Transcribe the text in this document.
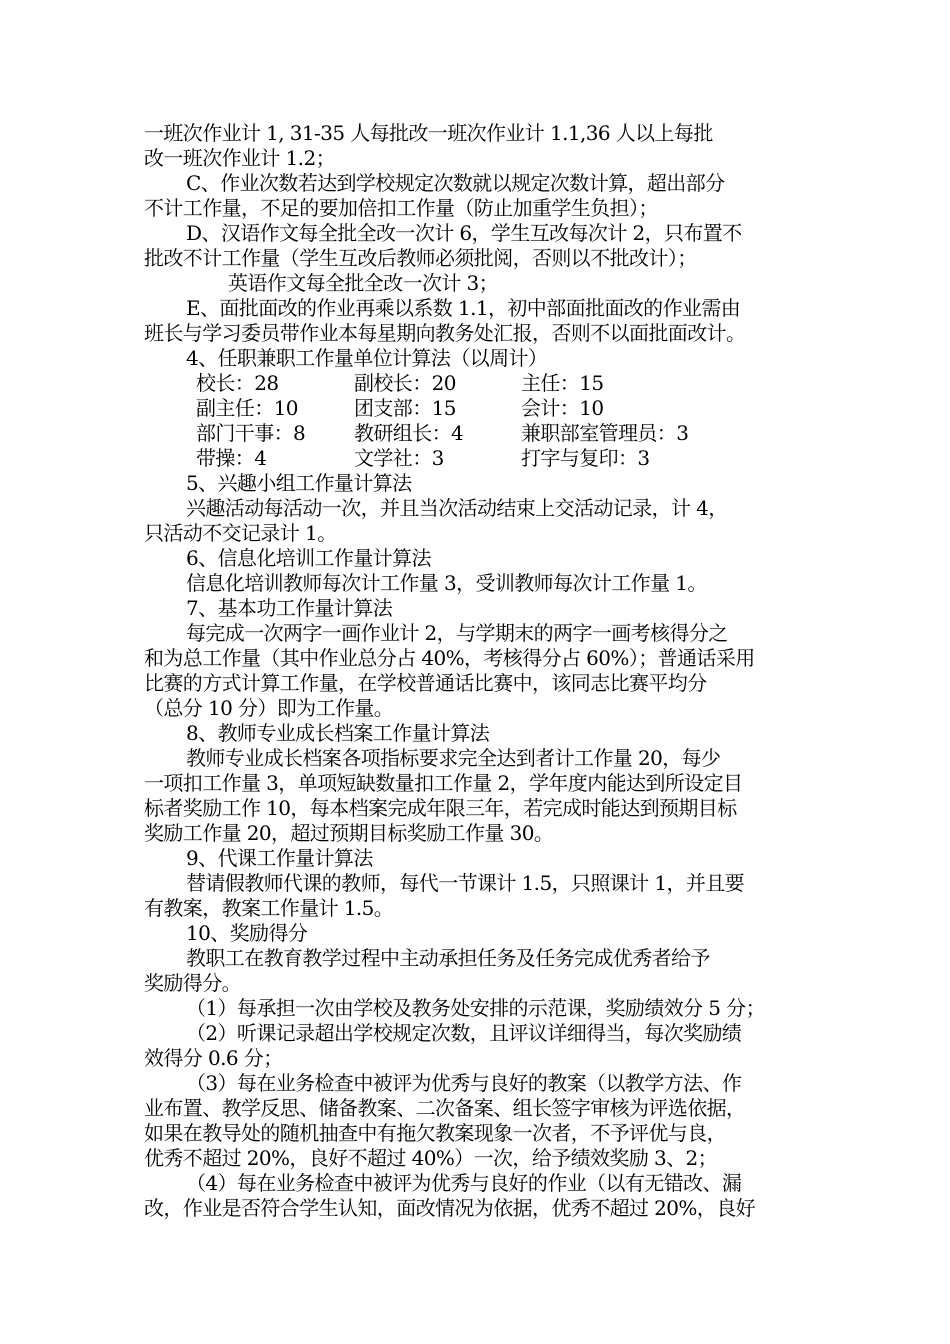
一班次作业计 1, 31-35 人每批改一班次作业计 1.1,36 人以上每批
改一班次作业计 1.2；
C、作业次数若达到学校规定次数就以规定次数计算，超出部分
不计工作量，不足的要加倍扣工作量（防止加重学生负担）；
D、汉语作文每全批全改一次计 6，学生互改每次计 2，只布置不
批改不计工作量（学生互改后教师必须批阅，否则以不批改计）；
英语作文每全批全改一次计 3；
E、面批面改的作业再乘以系数 1.1，初中部面批面改的作业需由
班长与学习委员带作业本每星期向教务处汇报，否则不以面批面改计。
4、任职兼职工作量单位计算法（以周计）
校长：28	副校长：20	主任：15
副主任：10	团支部：15	会计：10
部门干事：8	教研组长：4	兼职部室管理员：3
带操：4	文学社：3	打字与复印：3
5、兴趣小组工作量计算法
兴趣活动每活动一次，并且当次活动结束上交活动记录，计 4，
只活动不交记录计 1。
6、信息化培训工作量计算法
信息化培训教师每次计工作量 3，受训教师每次计工作量 1。
7、基本功工作量计算法
每完成一次两字一画作业计 2，与学期末的两字一画考核得分之
和为总工作量（其中作业总分占 40%，考核得分占 60%）；普通话采用
比赛的方式计算工作量，在学校普通话比赛中，该同志比赛平均分
（总分 10 分）即为工作量。
8、教师专业成长档案工作量计算法
教师专业成长档案各项指标要求完全达到者计工作量 20，每少
一项扣工作量 3，单项短缺数量扣工作量 2，学年度内能达到所设定目
标者奖励工作 10，每本档案完成年限三年，若完成时能达到预期目标
奖励工作量 20，超过预期目标奖励工作量 30。
9、代课工作量计算法
替请假教师代课的教师，每代一节课计 1.5，只照课计 1，并且要
有教案，教案工作量计 1.5。
10、奖励得分
教职工在教育教学过程中主动承担任务及任务完成优秀者给予
奖励得分。
（1）每承担一次由学校及教务处安排的示范课，奖励绩效分 5 分；
（2）听课记录超出学校规定次数，且评议详细得当，每次奖励绩
效得分 0.6 分；
（3）每在业务检查中被评为优秀与良好的教案（以教学方法、作
业布置、教学反思、储备教案、二次备案、组长签字审核为评选依据，
如果在教导处的随机抽查中有拖欠教案现象一次者，不予评优与良，
优秀不超过 20%，良好不超过 40%）一次，给予绩效奖励 3、2；
（4）每在业务检查中被评为优秀与良好的作业（以有无错改、漏
改，作业是否符合学生认知，面改情况为依据，优秀不超过 20%，良好
